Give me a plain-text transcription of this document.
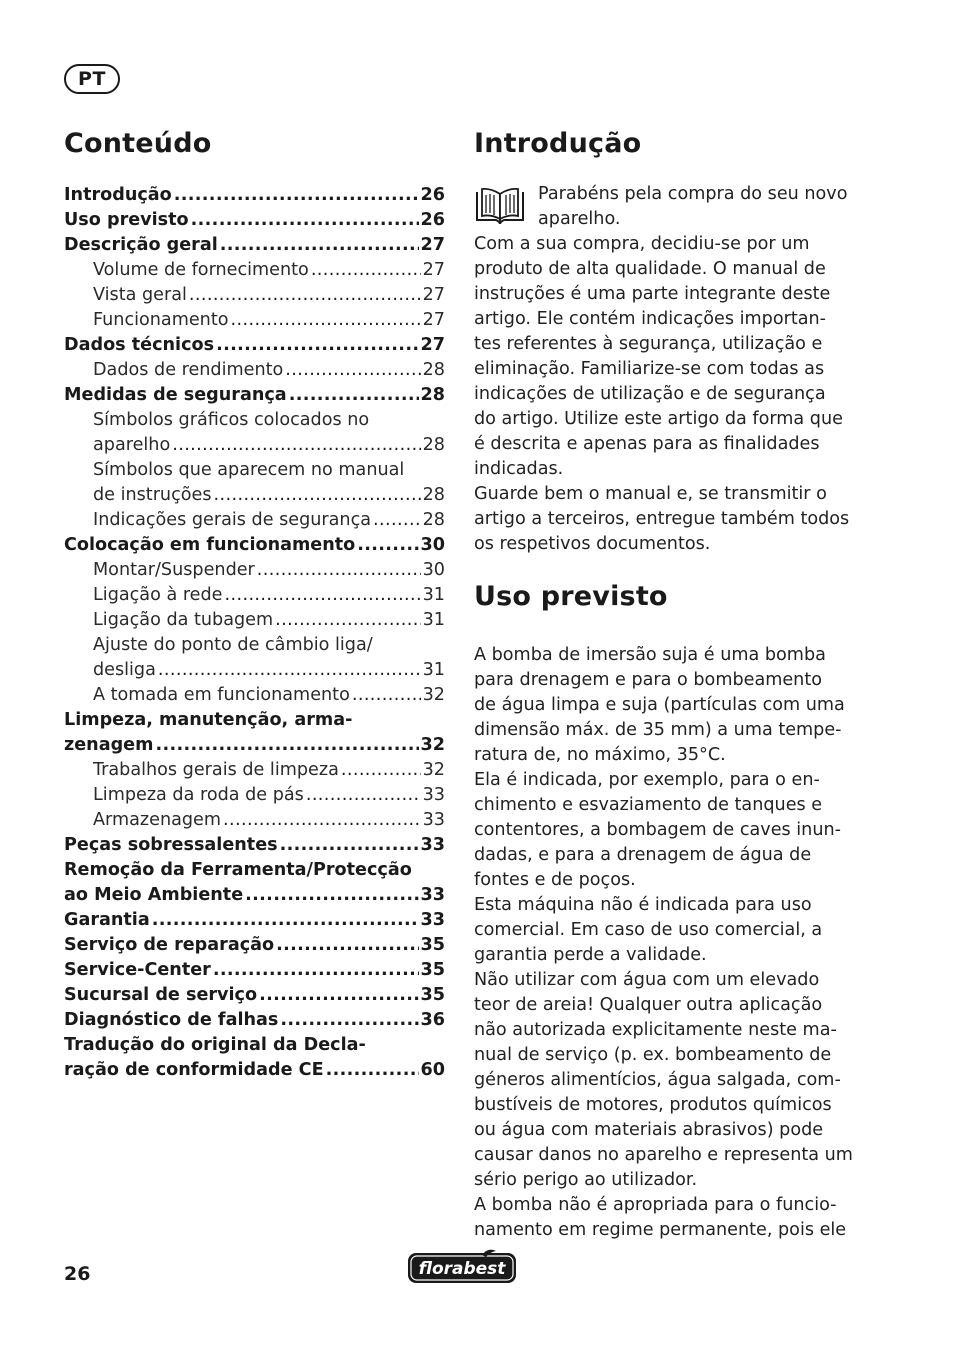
PT
Conteúdo
Introdução . . .	26
Uso previsto . . .	26
Descrição geral . . .	27
Volume de fornecimento . . .	27
Vista geral . . .	27
Funcionamento . . .	27
Dados técnicos . . .	27
Dados de rendimento . . .	28
Medidas de segurança . . .	28
Símbolos gráficos colocados no
aparelho . . .	28
Símbolos que aparecem no manual
de instruções . . .	28
Indicações gerais de segurança . . .	28
Colocação em funcionamento . . .	30
Montar/Suspender . . .	30
Ligação à rede . . .	31
Ligação da tubagem . . .	31
Ajuste do ponto de câmbio liga/
desliga . . .	31
A tomada em funcionamento . . .	32
Limpeza, manutenção, arma-
zenagem . . .	32
Trabalhos gerais de limpeza . . .	32
Limpeza da roda de pás . . .	33
Armazenagem . . .	33
Peças sobressalentes . . .	33
Remoção da Ferramenta/Protecção
ao Meio Ambiente . . .	33
Garantia . . .	33
Serviço de reparação . . .	35
Service-Center . . .	35
Sucursal de serviço . . .	35
Diagnóstico de falhas . . .	36
Tradução do original da Decla-
ração de conformidade CE . . .	60
Introdução
Parabéns pela compra do seu novo
aparelho.
Com a sua compra, decidiu-se por um
produto de alta qualidade. O manual de
instruções é uma parte integrante deste
artigo. Ele contém indicações importan-
tes referentes à segurança, utilização e
eliminação. Familiarize-se com todas as
indicações de utilização e de segurança
do artigo. Utilize este artigo da forma que
é descrita e apenas para as finalidades
indicadas.
Guarde bem o manual e, se transmitir o
artigo a terceiros, entregue também todos
os respetivos documentos.
Uso previsto
A bomba de imersão suja é uma bomba
para drenagem e para o bombeamento
de água limpa e suja (partículas com uma
dimensão máx. de 35 mm) a uma tempe-
ratura de, no máximo, 35°C.
Ela é indicada, por exemplo, para o en-
chimento e esvaziamento de tanques e
contentores, a bombagem de caves inun-
dadas, e para a drenagem de água de
fontes e de poços.
Esta máquina não é indicada para uso
comercial. Em caso de uso comercial, a
garantia perde a validade.
Não utilizar com água com um elevado
teor de areia! Qualquer outra aplicação
não autorizada explicitamente neste ma-
nual de serviço (p. ex. bombeamento de
géneros alimentícios, água salgada, com-
bustíveis de motores, produtos químicos
ou água com materiais abrasivos) pode
causar danos no aparelho e representa um
sério perigo ao utilizador.
A bomba não é apropriada para o funcio-
namento em regime permanente, pois ele
26	florabest
